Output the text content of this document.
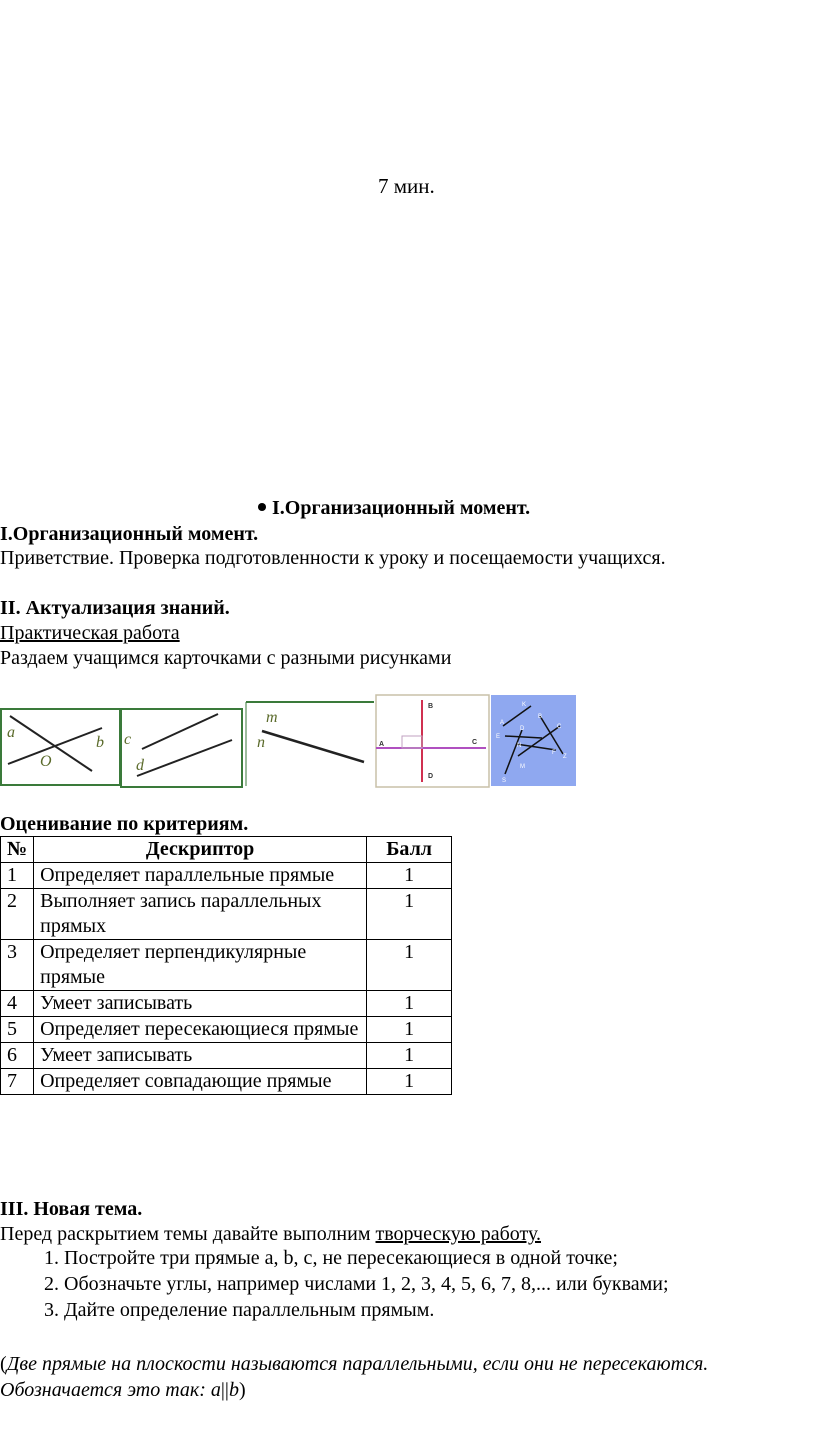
7 мин.
I.Организационный момент.
I.Организационный момент.
Приветствие. Проверка подготовленности к уроку и посещаемости учащихся.
II. Актуализация знаний.
Практическая работа
Раздаем учащимся карточками с разными рисунками
a
b
O
c
d
m
n
B
A	C
D
K
E
A
D	C
B
N
F
M
Z
S
Оценивание по критериям.
№	Дескриптор	Балл
1	Определяет параллельные прямые	1
2	Выполняет запись параллельных прямых	1
3	Определяет перпендикулярные прямые	1
4	Умеет записывать	1
5	Определяет пересекающиеся прямые	1
6	Умеет записывать	1
7	Определяет совпадающие прямые	1
III. Новая тема.
Перед раскрытием темы давайте выполним творческую работу.
1. Постройте три прямые a, b, c, не пересекающиеся в одной точке;
2. Обозначьте углы, например числами 1, 2, 3, 4, 5, 6, 7, 8,... или буквами;
3. Дайте определение параллельным прямым.
(Две прямые на плоскости называются параллельными, если они не пересекаются.
Обозначается это так: a||b)
